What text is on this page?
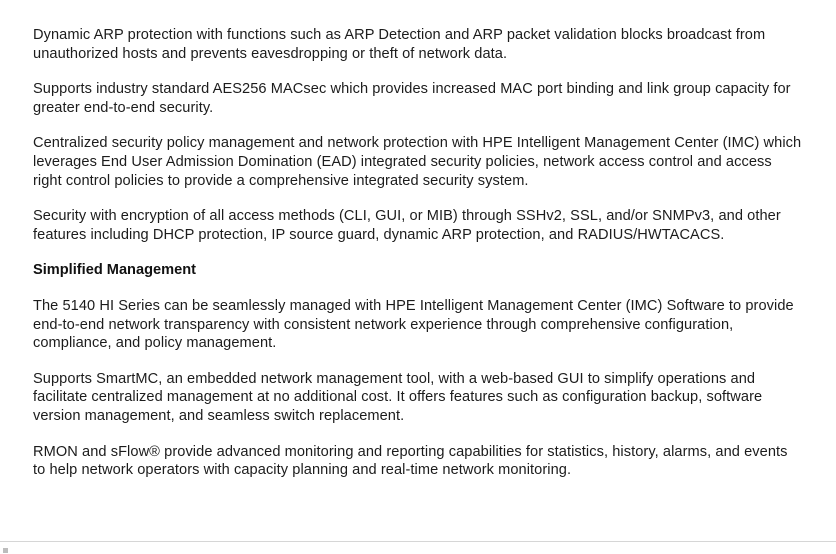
Dynamic ARP protection with functions such as ARP Detection and ARP packet validation blocks broadcast from unauthorized hosts and prevents eavesdropping or theft of network data.

Supports industry standard AES256 MACsec which provides increased MAC port binding and link group capacity for greater end-to-end security.

Centralized security policy management and network protection with HPE Intelligent Management Center (IMC) which leverages End User Admission Domination (EAD) integrated security policies, network access control and access right control policies to provide a comprehensive integrated security system.

Security with encryption of all access methods (CLI, GUI, or MIB) through SSHv2, SSL, and/or SNMPv3, and other features including DHCP protection, IP source guard, dynamic ARP protection, and RADIUS/HWTACACS.

Simplified Management

The 5140 HI Series can be seamlessly managed with HPE Intelligent Management Center (IMC) Software to provide end-to-end network transparency with consistent network experience through comprehensive configuration, compliance, and policy management.

Supports SmartMC, an embedded network management tool, with a web-based GUI to simplify operations and facilitate centralized management at no additional cost. It offers features such as configuration backup, software version management, and seamless switch replacement.

RMON and sFlow® provide advanced monitoring and reporting capabilities for statistics, history, alarms, and events to help network operators with capacity planning and real-time network monitoring.
